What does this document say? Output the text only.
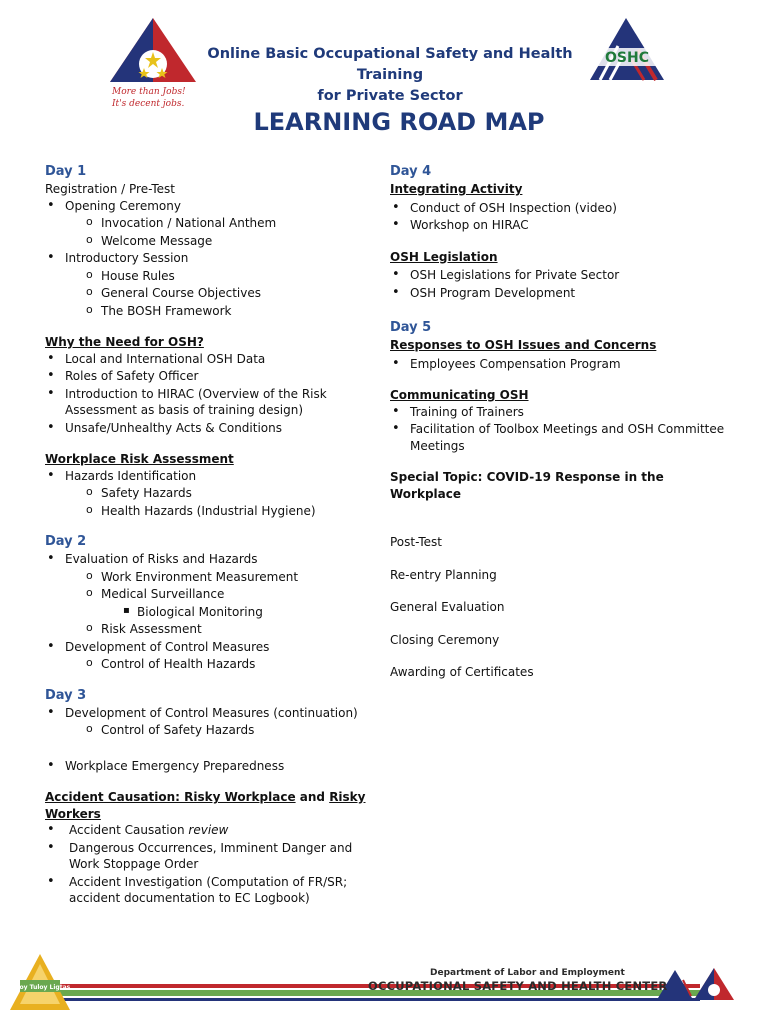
More than Jobs!
It's decent jobs.
OSHC
Online Basic Occupational Safety and Health Training
for Private Sector
LEARNING ROAD MAP
Day 1
Registration / Pre-Test
• Opening Ceremony
o Invocation / National Anthem
o Welcome Message
• Introductory Session
o House Rules
o General Course Objectives
o The BOSH Framework
Why the Need for OSH?
• Local and International OSH Data
• Roles of Safety Officer
• Introduction to HIRAC (Overview of the Risk Assessment as basis of training design)
• Unsafe/Unhealthy Acts & Conditions
Workplace Risk Assessment
• Hazards Identification
o Safety Hazards
o Health Hazards (Industrial Hygiene)
Day 2
• Evaluation of Risks and Hazards
o Work Environment Measurement
o Medical Surveillance
▪ Biological Monitoring
o Risk Assessment
• Development of Control Measures
o Control of Health Hazards
Day 3
• Development of Control Measures (continuation)
o Control of Safety Hazards
• Workplace Emergency Preparedness
Accident Causation: Risky Workplace and Risky Workers
• Accident Causation review
• Dangerous Occurrences, Imminent Danger and Work Stoppage Order
• Accident Investigation (Computation of FR/SR; accident documentation to EC Logbook)
Day 4
Integrating Activity
• Conduct of OSH Inspection (video)
• Workshop on HIRAC
OSH Legislation
• OSH Legislations for Private Sector
• OSH Program Development
Day 5
Responses to OSH Issues and Concerns
• Employees Compensation Program
Communicating OSH
• Training of Trainers
• Facilitation of Toolbox Meetings and OSH Committee Meetings
Special Topic: COVID-19 Response in the Workplace
Post-Test
Re-entry Planning
General Evaluation
Closing Ceremony
Awarding of Certificates
Tuloy Tuloy Ligtas
Department of Labor and Employment
OCCUPATIONAL SAFETY AND HEALTH CENTER
